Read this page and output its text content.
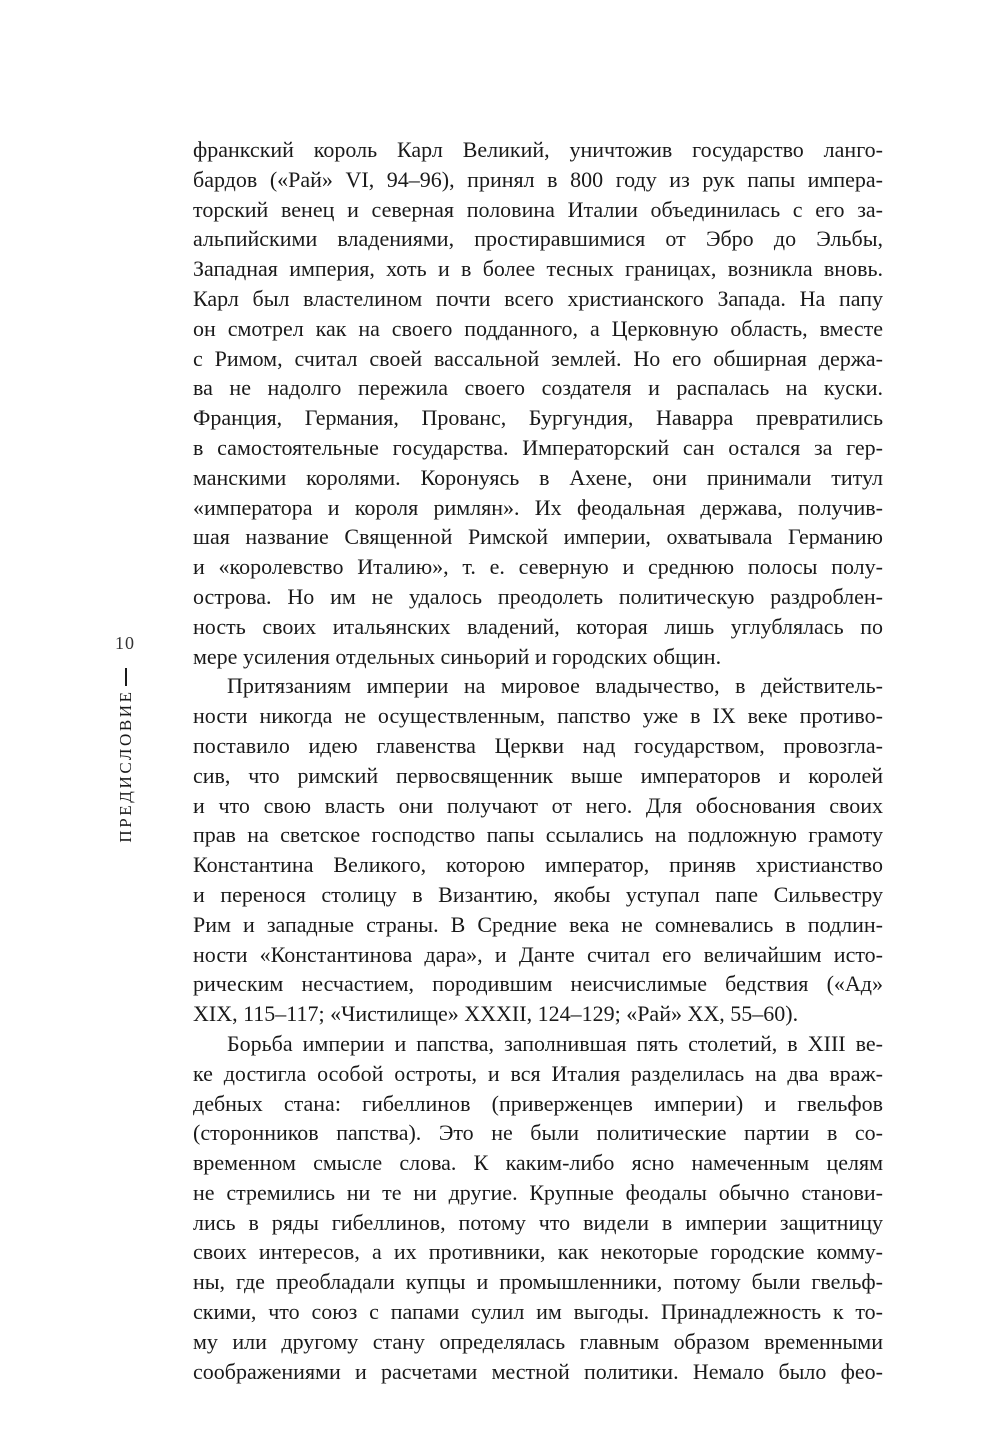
10
ПРЕДИСЛОВИЕ
франкский король Карл Великий, уничтожив государство ланго-
бардов («Рай» VI, 94–96), принял в 800 году из рук папы импера-
торский венец и северная половина Италии объединилась с его за-
альпийскими владениями, простиравшимися от Эбро до Эльбы,
Западная империя, хоть и в более тесных границах, возникла вновь.
Карл был властелином почти всего христианского Запада. На папу
он смотрел как на своего подданного, а Церковную область, вместе
с Римом, считал своей вассальной землей. Но его обширная держа-
ва не надолго пережила своего создателя и распалась на куски.
Франция, Германия, Прованс, Бургундия, Наварра превратились
в самостоятельные государства. Императорский сан остался за гер-
манскими королями. Коронуясь в Ахене, они принимали титул
«императора и короля римлян». Их феодальная держава, получив-
шая название Священной Римской империи, охватывала Германию
и «королевство Италию», т. е. северную и среднюю полосы полу-
острова. Но им не удалось преодолеть политическую раздроблен-
ность своих итальянских владений, которая лишь углублялась по
мере усиления отдельных синьорий и городских общин.
Притязаниям империи на мировое владычество, в действитель-
ности никогда не осуществленным, папство уже в IX веке противо-
поставило идею главенства Церкви над государством, провозгла-
сив, что римский первосвященник выше императоров и королей
и что свою власть они получают от него. Для обоснования своих
прав на светское господство папы ссылались на подложную грамоту
Константина Великого, которою император, приняв христианство
и перенося столицу в Византию, якобы уступал папе Сильвестру
Рим и западные страны. В Средние века не сомневались в подлин-
ности «Константинова дара», и Данте считал его величайшим исто-
рическим несчастием, породившим неисчислимые бедствия («Ад»
XIX, 115–117; «Чистилище» XXXII, 124–129; «Рай» XX, 55–60).
Борьба империи и папства, заполнившая пять столетий, в XIII ве-
ке достигла особой остроты, и вся Италия разделилась на два враж-
дебных стана: гибеллинов (приверженцев империи) и гвельфов
(сторонников папства). Это не были политические партии в со-
временном смысле слова. К каким-либо ясно намеченным целям
не стремились ни те ни другие. Крупные феодалы обычно станови-
лись в ряды гибеллинов, потому что видели в империи защитницу
своих интересов, а их противники, как некоторые городские комму-
ны, где преобладали купцы и промышленники, потому были гвельф-
скими, что союз с папами сулил им выгоды. Принадлежность к то-
му или другому стану определялась главным образом временными
соображениями и расчетами местной политики. Немало было фео-
